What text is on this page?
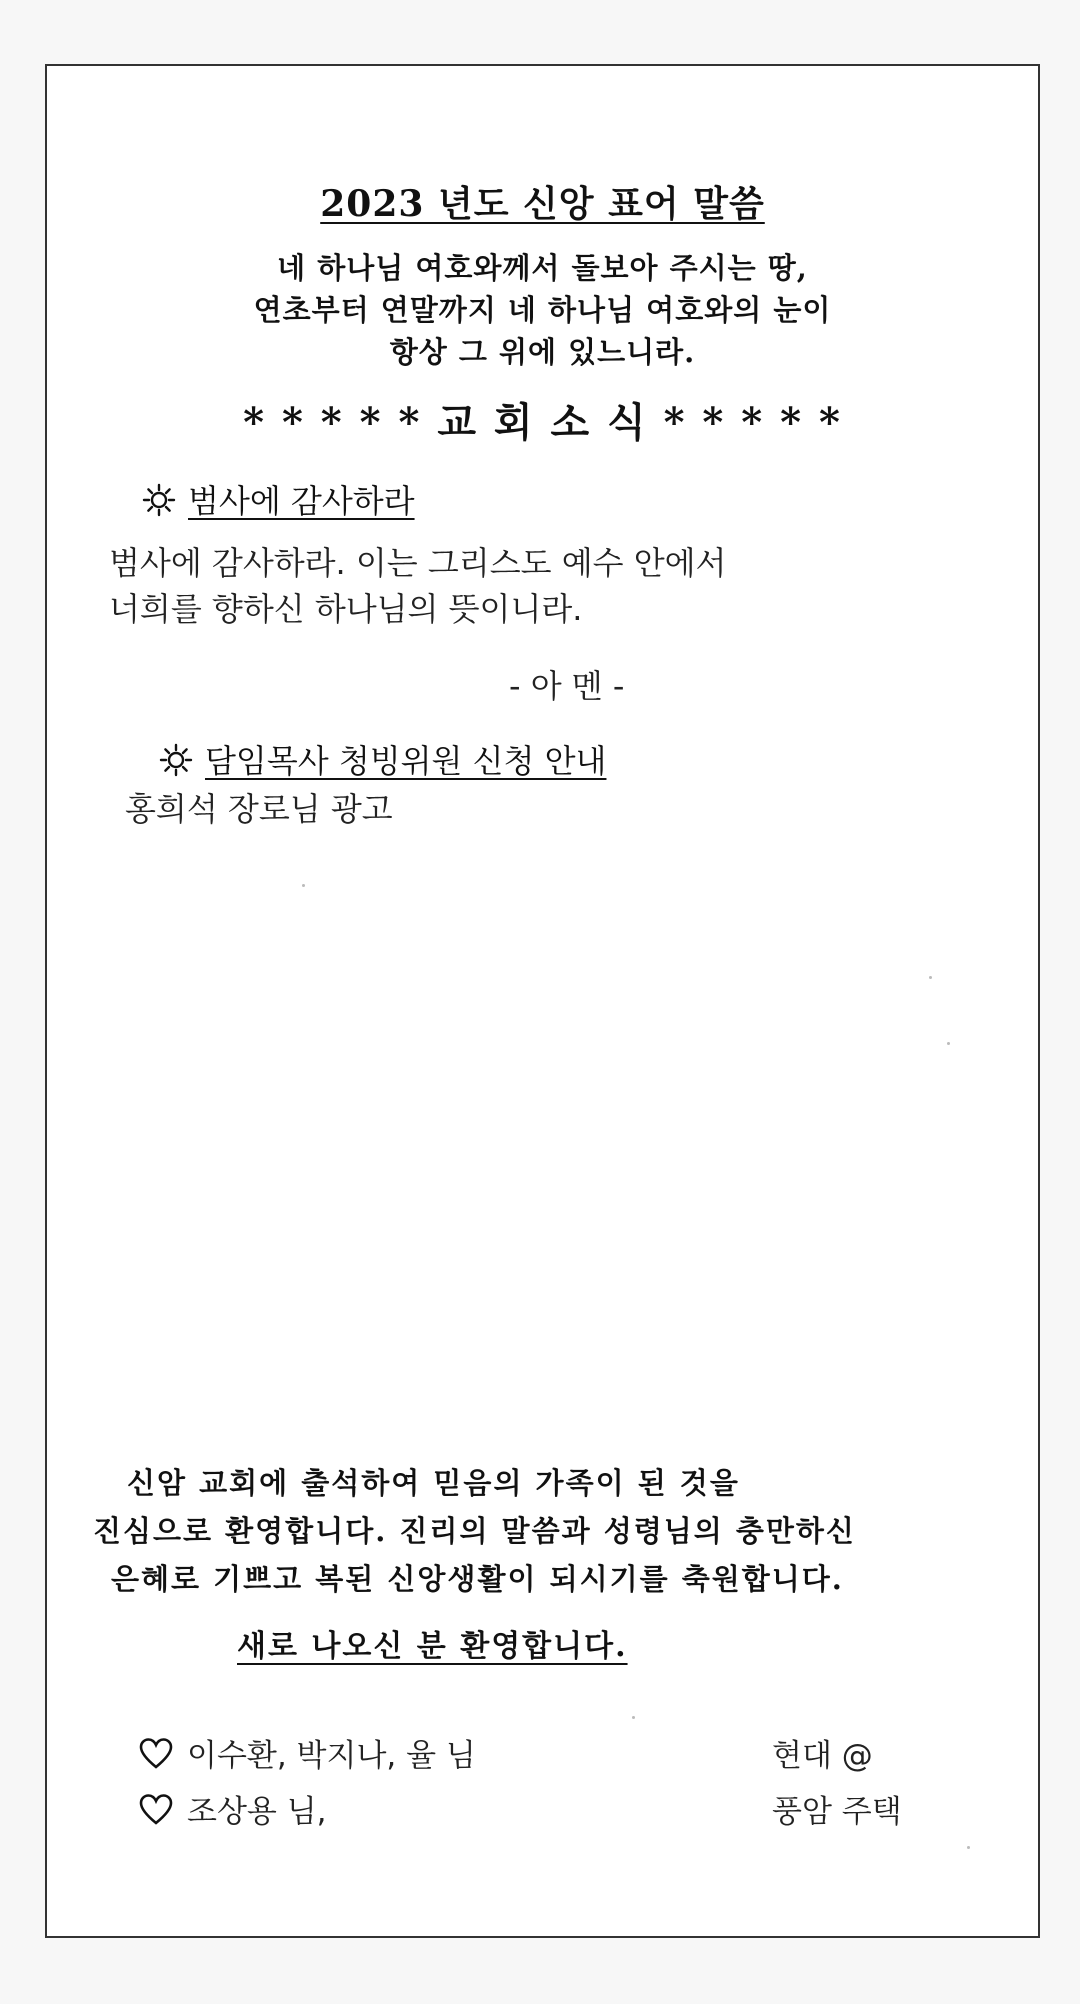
2023 년도 신앙 표어 말씀
네 하나님 여호와께서 돌보아 주시는 땅,
연초부터 연말까지 네 하나님 여호와의 눈이
항상 그 위에 있느니라.
* * * * * 교 회 소 식 * * * * *
범사에 감사하라
범사에 감사하라. 이는 그리스도 예수 안에서
너희를 향하신 하나님의 뜻이니라.
- 아 멘 -
담임목사 청빙위원 신청 안내
홍희석 장로님 광고
신암 교회에 출석하여 믿음의 가족이 된 것을
진심으로 환영합니다. 진리의 말씀과 성령님의 충만하신
은혜로 기쁘고 복된 신앙생활이 되시기를 축원합니다.
새로 나오신 분 환영합니다.
이수환, 박지나, 율 님	현대 @
조상용 님,	풍암 주택
